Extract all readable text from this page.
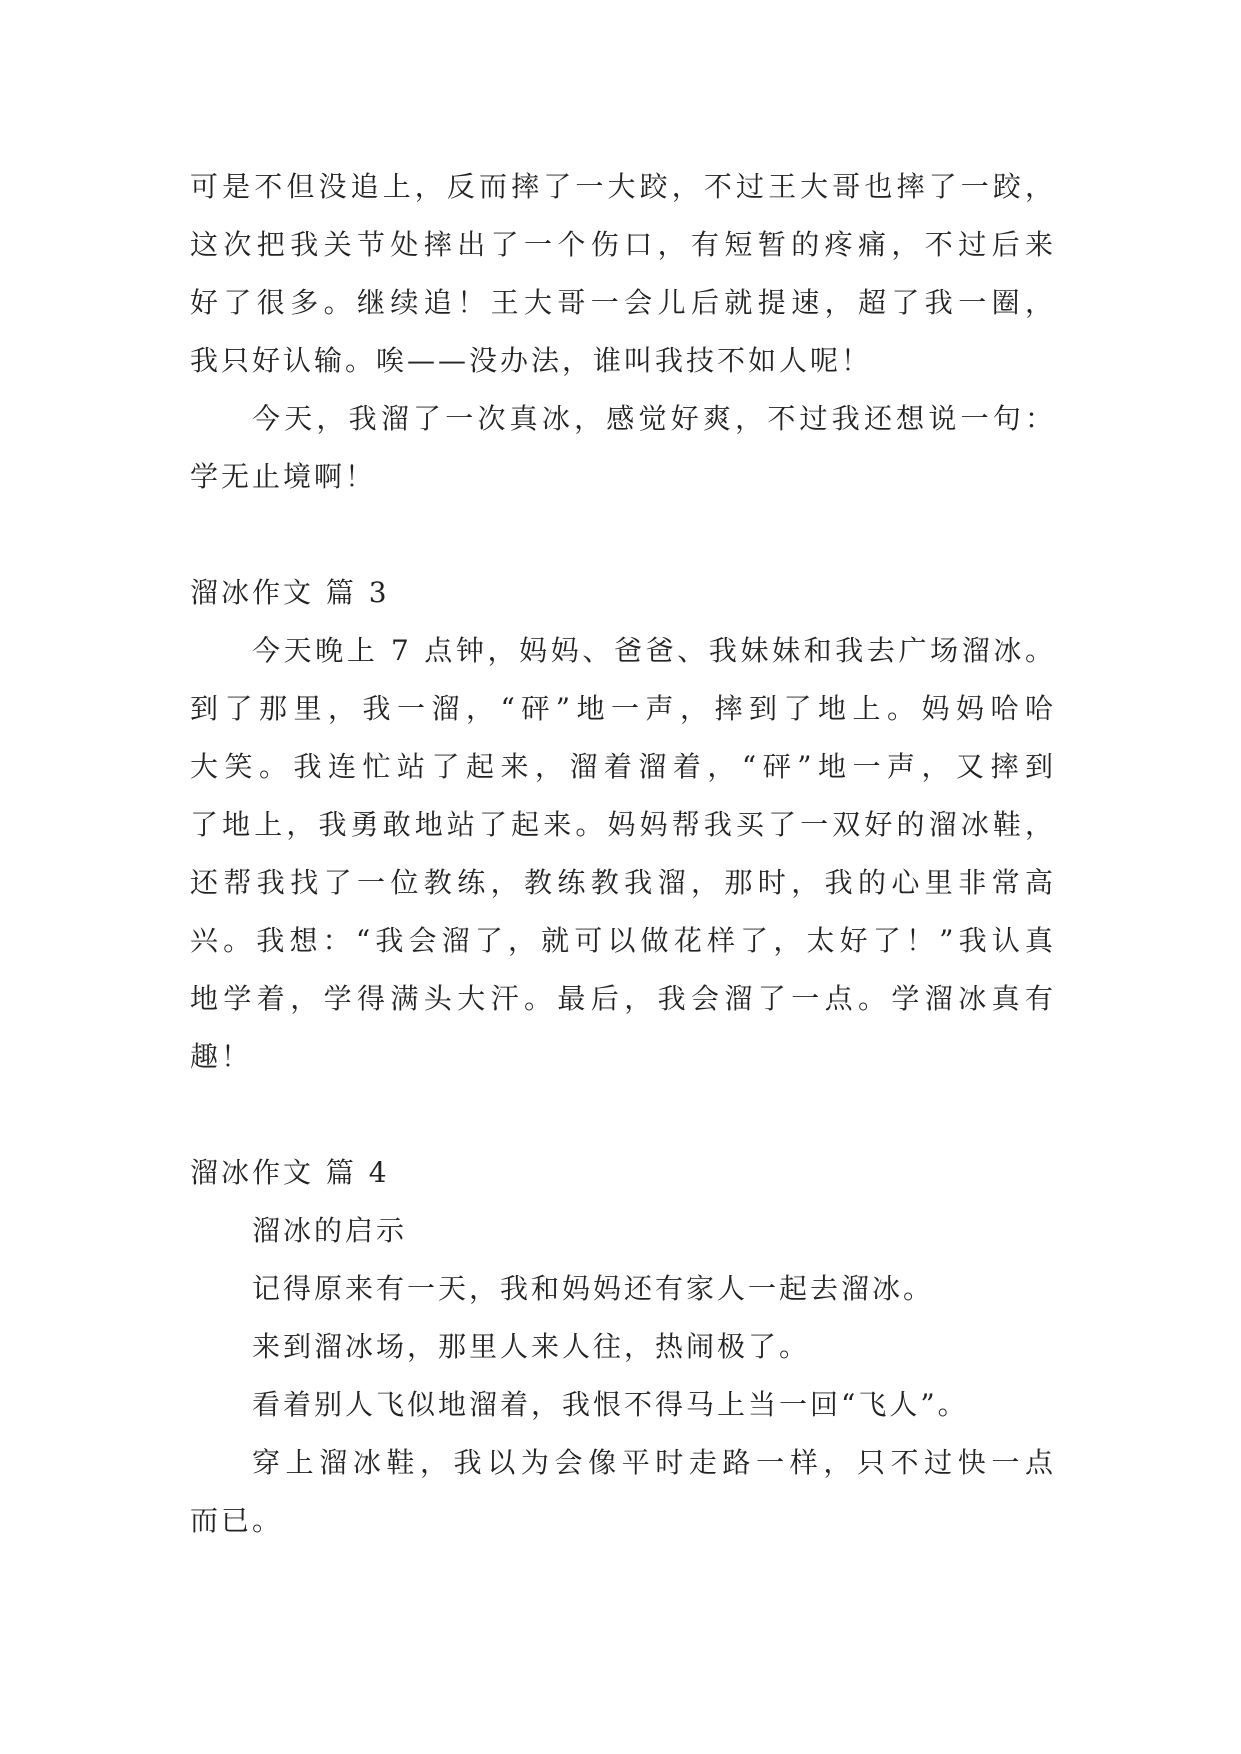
可是不但没追上，反而摔了一大跤，不过王大哥也摔了一跤，
这次把我关节处摔出了一个伤口，有短暂的疼痛，不过后来
好了很多。继续追！王大哥一会儿后就提速，超了我一圈，
我只好认输。唉——没办法，谁叫我技不如人呢！
今天，我溜了一次真冰，感觉好爽，不过我还想说一句：
学无止境啊！
溜冰作文 篇 3
今天晚上 7 点钟，妈妈、爸爸、我妹妹和我去广场溜冰。
到了那里，我一溜，“砰”地一声，摔到了地上。妈妈哈哈
大笑。我连忙站了起来，溜着溜着，“砰”地一声，又摔到
了地上，我勇敢地站了起来。妈妈帮我买了一双好的溜冰鞋，
还帮我找了一位教练，教练教我溜，那时，我的心里非常高
兴。我想：“我会溜了，就可以做花样了，太好了！”我认真
地学着，学得满头大汗。最后，我会溜了一点。学溜冰真有
趣！
溜冰作文 篇 4
溜冰的启示
记得原来有一天，我和妈妈还有家人一起去溜冰。
来到溜冰场，那里人来人往，热闹极了。
看着别人飞似地溜着，我恨不得马上当一回“飞人”。
穿上溜冰鞋，我以为会像平时走路一样，只不过快一点
而已。
